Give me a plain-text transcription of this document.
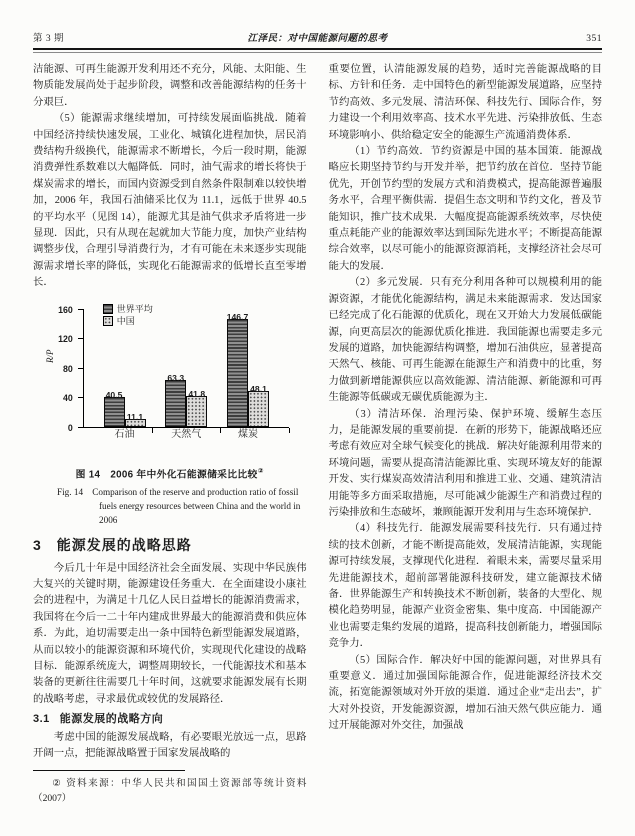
第 3 期	江泽民：对中国能源问题的思考	351

洁能源、可再生能源开发利用还不充分，风能、太阳能、生物质能发展尚处于起步阶段，调整和改善能源结构的任务十分艰巨．

（5）能源需求继续增加，可持续发展面临挑战．随着中国经济持续快速发展，工业化、城镇化进程加快，居民消费结构升级换代，能源需求不断增长，今后一段时期，能源消费弹性系数难以大幅降低．同时，油气需求的增长将快于煤炭需求的增长，而国内资源受到自然条件限制难以较快增加，2006 年，我国石油储采比仅为 11.1，远低于世界 40.5 的平均水平（见图 14），能源尤其是油气供求矛盾将进一步显现．因此，只有从现在起就加大节能力度，加快产业结构调整步伐，合理引导消费行为，才有可能在未来逐步实现能源需求增长率的降低，实现化石能源需求的低增长直至零增长．

R/P
0
40
80
120
160
40.5
11.1
石油
63.3
41.8
天然气
146.7
48.1
煤炭
世界平均
中国
图 14　2006 年中外化石能源储采比比较②
Fig. 14　Comparison of the reserve and production ratio of fossil fuels energy resources between China and the world in 2006
3 能源发展的战略思路

今后几十年是中国经济社会全面发展、实现中华民族伟大复兴的关键时期，能源建设任务重大．在全面建设小康社会的进程中，为满足十几亿人民日益增长的能源消费需求，我国将在今后一二十年内建成世界最大的能源消费和供应体系．为此，迫切需要走出一条中国特色新型能源发展道路，从而以较小的能源资源和环境代价，实现现代化建设的战略目标．能源系统庞大，调整周期较长，一代能源技术和基本装备的更新往往需要几十年时间，这就要求能源发展有长期的战略考虑，寻求最优或较优的发展路径．

3.1 能源发展的战略方向

考虑中国的能源发展战略，有必要眼光放远一点，思路开阔一点，把能源战略置于国家发展战略的

② 资料来源：中华人民共和国国土资源部等统计资料（2007）

重要位置，认清能源发展的趋势，适时完善能源战略的目标、方针和任务．走中国特色的新型能源发展道路，应坚持节约高效、多元发展、清洁环保、科技先行、国际合作，努力建设一个利用效率高、技术水平先进、污染排放低、生态环境影响小、供给稳定安全的能源生产流通消费体系．

（1）节约高效．节约资源是中国的基本国策．能源战略应长期坚持节约与开发并举，把节约放在首位．坚持节能优先，开创节约型的发展方式和消费模式，提高能源普遍服务水平，合理平衡供需．提倡生态文明和节约文化，普及节能知识，推广技术成果．大幅度提高能源系统效率，尽快使重点耗能产业的能源效率达到国际先进水平；不断提高能源综合效率，以尽可能小的能源资源消耗，支撑经济社会尽可能大的发展．

（2）多元发展．只有充分利用各种可以规模利用的能源资源，才能优化能源结构，满足未来能源需求．发达国家已经完成了化石能源的优质化，现在又开始大力发展低碳能源，向更高层次的能源优质化推进．我国能源也需要走多元发展的道路，加快能源结构调整，增加石油供应，显著提高天然气、核能、可再生能源在能源生产和消费中的比重，努力做到新增能源供应以高效能源、清洁能源、新能源和可再生能源等低碳或无碳优质能源为主．

（3）清洁环保．治理污染、保护环境、缓解生态压力，是能源发展的重要前提．在新的形势下，能源战略还应考虑有效应对全球气候变化的挑战．解决好能源利用带来的环境问题，需要从提高清洁能源比重、实现环境友好的能源开发、实行煤炭高效清洁利用和推进工业、交通、建筑清洁用能等多方面采取措施，尽可能减少能源生产和消费过程的污染排放和生态破坏，兼顾能源开发利用与生态环境保护．

（4）科技先行．能源发展需要科技先行．只有通过持续的技术创新，才能不断提高能效，发展清洁能源，实现能源可持续发展，支撑现代化进程．着眼未来，需要尽量采用先进能源技术，超前部署能源科技研发，建立能源技术储备．世界能源生产和转换技术不断创新，装备的大型化、规模化趋势明显，能源产业资金密集、集中度高．中国能源产业也需要走集约发展的道路，提高科技创新能力，增强国际竞争力．

（5）国际合作．解决好中国的能源问题，对世界具有重要意义．通过加强国际能源合作，促进能源经济技术交流，拓宽能源领域对外开放的渠道．通过企业“走出去”，扩大对外投资，开发能源资源，增加石油天然气供应能力．通过开展能源对外交往，加强战
